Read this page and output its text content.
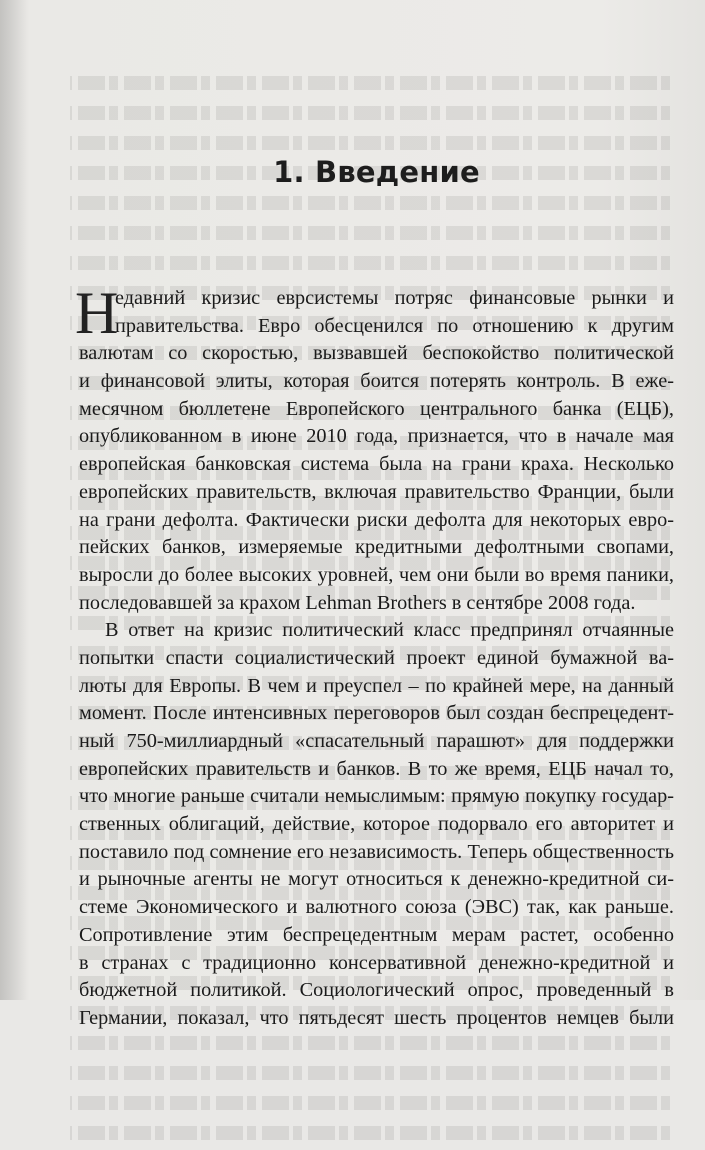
1. Введение
Н
едавний кризис еврсистемы потряс финансовые рынки и
правительства. Евро обесценился по отношению к другим
валютам со скоростью, вызвавшей беспокойство политической
и финансовой элиты, которая боится потерять контроль. В еже-
месячном бюллетене Европейского центрального банка (ЕЦБ),
опубликованном в июне 2010 года, признается, что в начале мая
европейская банковская система была на грани краха. Несколько
европейских правительств, включая правительство Франции, были
на грани дефолта. Фактически риски дефолта для некоторых евро-
пейских банков, измеряемые кредитными дефолтными свопами,
выросли до более высоких уровней, чем они были во время паники,
последовавшей за крахом Lehman Brothers в сентябре 2008 года.
В ответ на кризис политический класс предпринял отчаянные
попытки спасти социалистический проект единой бумажной ва-
люты для Европы. В чем и преуспел – по крайней мере, на данный
момент. После интенсивных переговоров был создан беспрецедент-
ный 750-миллиардный «спасательный парашют» для поддержки
европейских правительств и банков. В то же время, ЕЦБ начал то,
что многие раньше считали немыслимым: прямую покупку государ-
ственных облигаций, действие, которое подорвало его авторитет и
поставило под сомнение его независимость. Теперь общественность
и рыночные агенты не могут относиться к денежно-кредитной си-
стеме Экономического и валютного союза (ЭВС) так, как раньше.
Сопротивление этим беспрецедентным мерам растет, особенно
в странах с традиционно консервативной денежно-кредитной и
бюджетной политикой. Социологический опрос, проведенный в
Германии, показал, что пятьдесят шесть процентов немцев были
